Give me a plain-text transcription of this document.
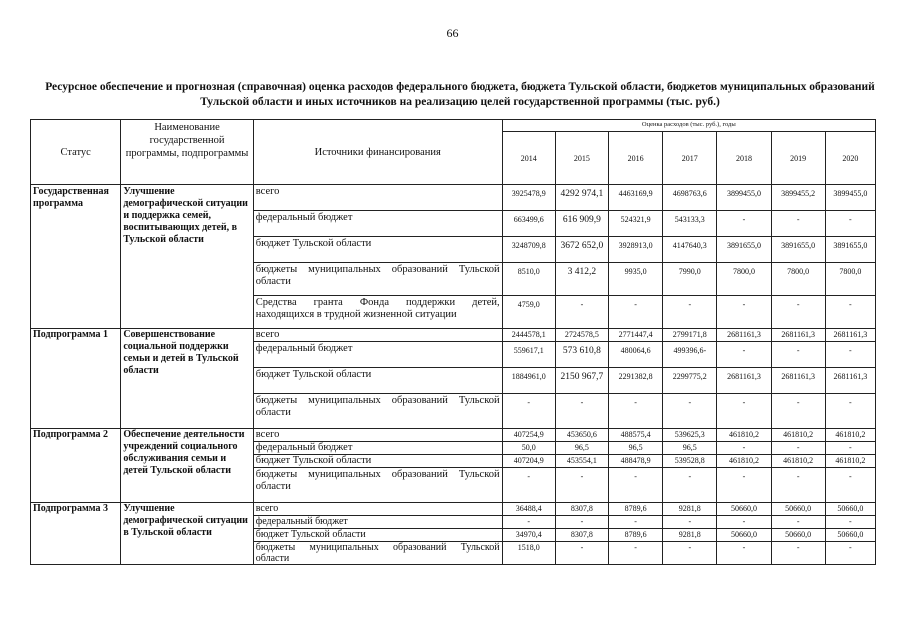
66
Ресурсное обеспечение и прогнозная (справочная) оценка расходов федерального бюджета, бюджета Тульской области, бюджетов муниципальных образований Тульской области и иных источников на реализацию целей государственной программы (тыс. руб.)
Статус	Наименование государственной программы, подпрограммы	Источники финансирования	Оценка расходов (тыс. руб.), годы						
			2014	2015	2016	2017	2018	2019	2020
Государственная программа	Улучшение демографической ситуации и поддержка семей, воспитывающих детей, в Тульской области	всего	3925478,9	4292 974,1	4463169,9	4698763,6	3899455,0	3899455,2	3899455,0
		федеральный бюджет	663499,6	616 909,9	524321,9	543133,3	-	-	-
		бюджет Тульской области	3248709,8	3672 652,0	3928913,0	4147640,3	3891655,0	3891655,0	3891655,0
		бюджеты муниципальных образований Тульской области	8510,0	3 412,2	9935,0	7990,0	7800,0	7800,0	7800,0
		Средства гранта Фонда поддержки детей, находящихся в трудной жизненной ситуации	4759,0	-	-	-	-	-	-
Подпрограмма 1	Совершенствование социальной поддержки семьи и детей в Тульской области	всего	2444578,1	2724578,5	2771447,4	2799171,8	2681161,3	2681161,3	2681161,3
		федеральный бюджет	559617,1	573 610,8	480064,6	499396,6-	-	-	-
		бюджет Тульской области	1884961,0	2150 967,7	2291382,8	2299775,2	2681161,3	2681161,3	2681161,3
		бюджеты муниципальных образований Тульской области	-	-	-	-	-	-	-
Подпрограмма 2	Обеспечение деятельности учреждений социального обслуживания семьи и детей Тульской области	всего	407254,9	453650,6	488575,4	539625,3	461810,2	461810,2	461810,2
		федеральный бюджет	50,0	96,5	96,5	96,5	-	-	-
		бюджет Тульской области	407204,9	453554,1	488478,9	539528,8	461810,2	461810,2	461810,2
		бюджеты муниципальных образований Тульской области	-	-	-	-	-	-	-
Подпрограмма 3	Улучшение демографической ситуации в Тульской области	всего	36488,4	8307,8	8789,6	9281,8	50660,0	50660,0	50660,0
		федеральный бюджет	-	-	-	-	-	-	-
		бюджет Тульской области	34970,4	8307,8	8789,6	9281,8	50660,0	50660,0	50660,0
		бюджеты муниципальных образований Тульской области	1518,0	-	-	-	-	-	-
